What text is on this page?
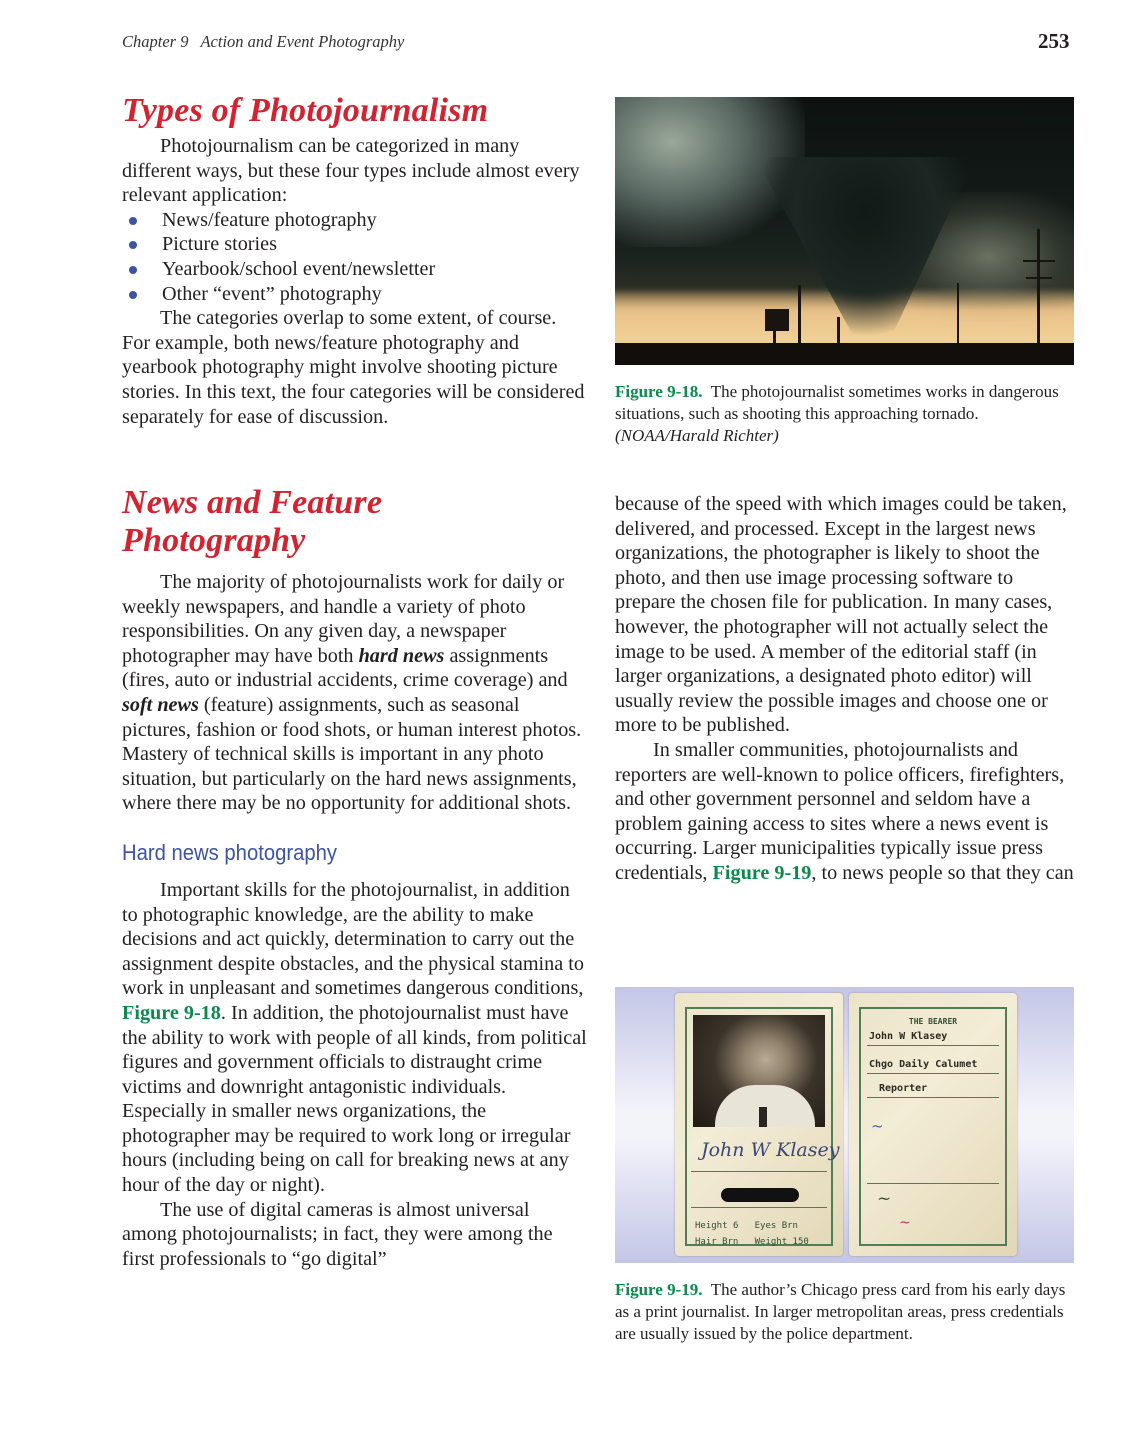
Chapter 9 Action and Event Photography	253
Types of Photojournalism

Photojournalism can be categorized in many different ways, but these four types include almost every relevant application:

News/feature photography
Picture stories
Yearbook/school event/newsletter
Other “event” photography

The categories overlap to some extent, of course. For example, both news/feature photography and yearbook photography might involve shooting picture stories. In this text, the four categories will be considered separately for ease of discussion.

News and Feature Photography

The majority of photojournalists work for daily or weekly newspapers, and handle a variety of photo responsibilities. On any given day, a newspaper photographer may have both hard news assignments (fires, auto or industrial accidents, crime coverage) and soft news (feature) assignments, such as seasonal pictures, fashion or food shots, or human interest photos. Mastery of technical skills is important in any photo situation, but particularly on the hard news assignments, where there may be no opportunity for additional shots.

Hard news photography

Important skills for the photojournalist, in addition to photographic knowledge, are the ability to make decisions and act quickly, determination to carry out the assignment despite obstacles, and the physical stamina to work in unpleasant and sometimes dangerous conditions, Figure 9-18. In addition, the photojournalist must have the ability to work with people of all kinds, from political figures and government officials to distraught crime victims and downright antagonistic individuals. Especially in smaller news organizations, the photographer may be required to work long or irregular hours (including being on call for breaking news at any hour of the day or night).

The use of digital cameras is almost universal among photojournalists; in fact, they were among the first professionals to “go digital”

Figure 9-18. The photojournalist sometimes works in dangerous situations, such as shooting this approaching tornado. (NOAA/Harald Richter)

because of the speed with which images could be taken, delivered, and processed. Except in the largest news organizations, the photographer is likely to shoot the photo, and then use image processing software to prepare the chosen file for publication. In many cases, however, the photographer will not actually select the image to be used. A member of the editorial staff (in larger organizations, a designated photo editor) will usually review the possible images and choose one or more to be published.

In smaller communities, photojournalists and reporters are well-known to police officers, firefighters, and other government personnel and seldom have a problem gaining access to sites where a news event is occurring. Larger municipalities typically issue press credentials, Figure 9-19, to news people so that they can

John W Klasey
Height 6   Eyes Brn
Hair Brn   Weight 150
THE BEARER
John W Klasey
Chgo Daily Calumet
Reporter
~
~
~
Figure 9-19. The author’s Chicago press card from his early days as a print journalist. In larger metropolitan areas, press credentials are usually issued by the police department.
